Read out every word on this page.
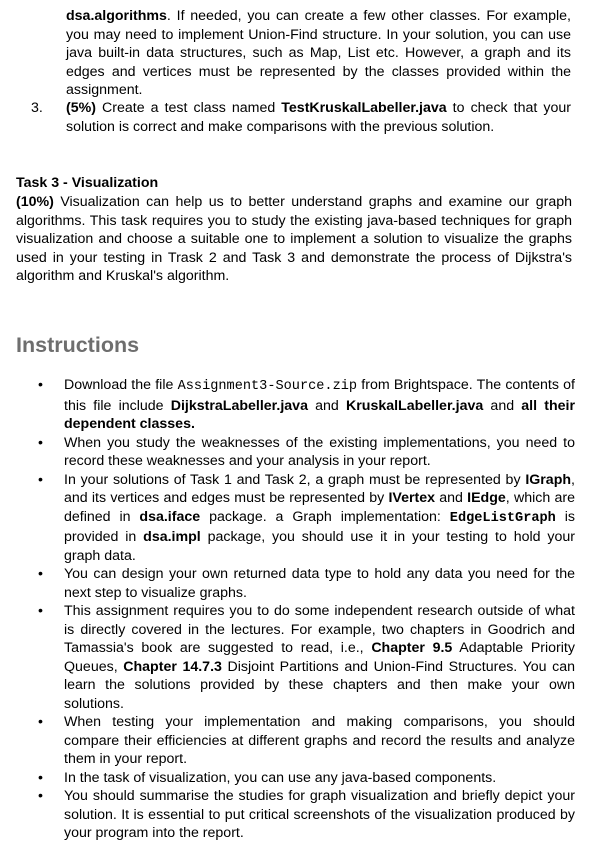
dsa.algorithms. If needed, you can create a few other classes. For example, you may need to implement Union-Find structure. In your solution, you can use java built-in data structures, such as Map, List etc. However, a graph and its edges and vertices must be represented by the classes provided within the assignment.

3. (5%) Create a test class named TestKruskalLabeller.java to check that your solution is correct and make comparisons with the previous solution.

Task 3 - Visualization

(10%) Visualization can help us to better understand graphs and examine our graph algorithms. This task requires you to study the existing java-based techniques for graph visualization and choose a suitable one to implement a solution to visualize the graphs used in your testing in Trask 2 and Task 3 and demonstrate the process of Dijkstra's algorithm and Kruskal's algorithm.

Instructions
• Download the file Assignment3-Source.zip from Brightspace. The contents of this file include DijkstraLabeller.java and KruskalLabeller.java and all their dependent classes.

• When you study the weaknesses of the existing implementations, you need to record these weaknesses and your analysis in your report.

• In your solutions of Task 1 and Task 2, a graph must be represented by IGraph, and its vertices and edges must be represented by IVertex and IEdge, which are defined in dsa.iface package. a Graph implementation: EdgeListGraph is provided in dsa.impl package, you should use it in your testing to hold your graph data.

• You can design your own returned data type to hold any data you need for the next step to visualize graphs.

• This assignment requires you to do some independent research outside of what is directly covered in the lectures. For example, two chapters in Goodrich and Tamassia's book are suggested to read, i.e., Chapter 9.5 Adaptable Priority Queues, Chapter 14.7.3 Disjoint Partitions and Union-Find Structures. You can learn the solutions provided by these chapters and then make your own solutions.

• When testing your implementation and making comparisons, you should compare their efficiencies at different graphs and record the results and analyze them in your report.

• In the task of visualization, you can use any java-based components.

• You should summarise the studies for graph visualization and briefly depict your solution. It is essential to put critical screenshots of the visualization produced by your program into the report.
